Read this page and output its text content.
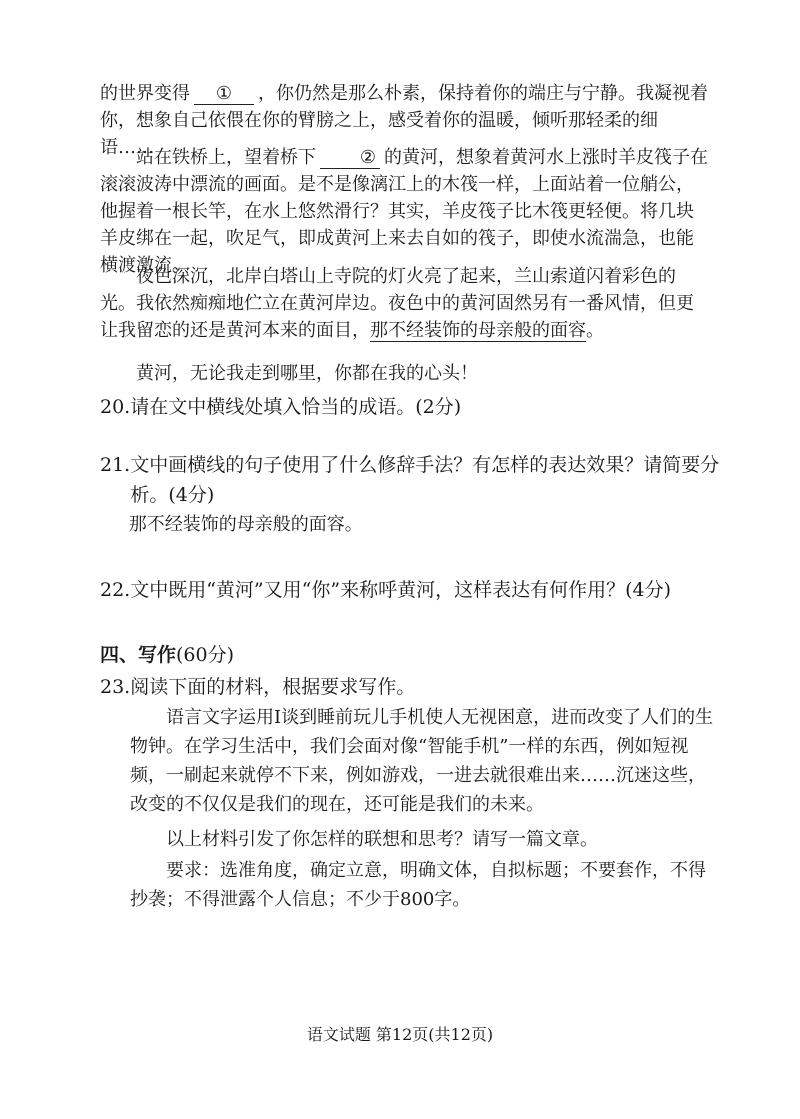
的世界变得 ① ，你仍然是那么朴素，保持着你的端庄与宁静。我凝视着你，想象自己依偎在你的臂膀之上，感受着你的温暖，倾听那轻柔的细语……
站在铁桥上，望着桥下 ② 的黄河，想象着黄河水上涨时羊皮筏子在滚滚波涛中漂流的画面。是不是像漓江上的木筏一样，上面站着一位艄公，他握着一根长竿，在水上悠然滑行？其实，羊皮筏子比木筏更轻便。将几块羊皮绑在一起，吹足气，即成黄河上来去自如的筏子，即使水流湍急，也能横渡激流。
夜色深沉，北岸白塔山上寺院的灯火亮了起来，兰山索道闪着彩色的光。我依然痴痴地伫立在黄河岸边。夜色中的黄河固然另有一番风情，但更让我留恋的还是黄河本来的面目，那不经装饰的母亲般的面容。
黄河，无论我走到哪里，你都在我的心头！
20.请在文中横线处填入恰当的成语。(2分)
21.文中画横线的句子使用了什么修辞手法？有怎样的表达效果？请简要分析。(4分)
那不经装饰的母亲般的面容。
22.文中既用“黄河”又用“你”来称呼黄河，这样表达有何作用？(4分)
四、写作(60分)
23.阅读下面的材料，根据要求写作。
语言文字运用Ⅰ谈到睡前玩儿手机使人无视困意，进而改变了人们的生物钟。在学习生活中，我们会面对像“智能手机”一样的东西，例如短视频，一刷起来就停不下来，例如游戏，一进去就很难出来……沉迷这些，改变的不仅仅是我们的现在，还可能是我们的未来。
以上材料引发了你怎样的联想和思考？请写一篇文章。
要求：选准角度，确定立意，明确文体，自拟标题；不要套作，不得抄袭；不得泄露个人信息；不少于800字。
语文试题 第12页(共12页)
